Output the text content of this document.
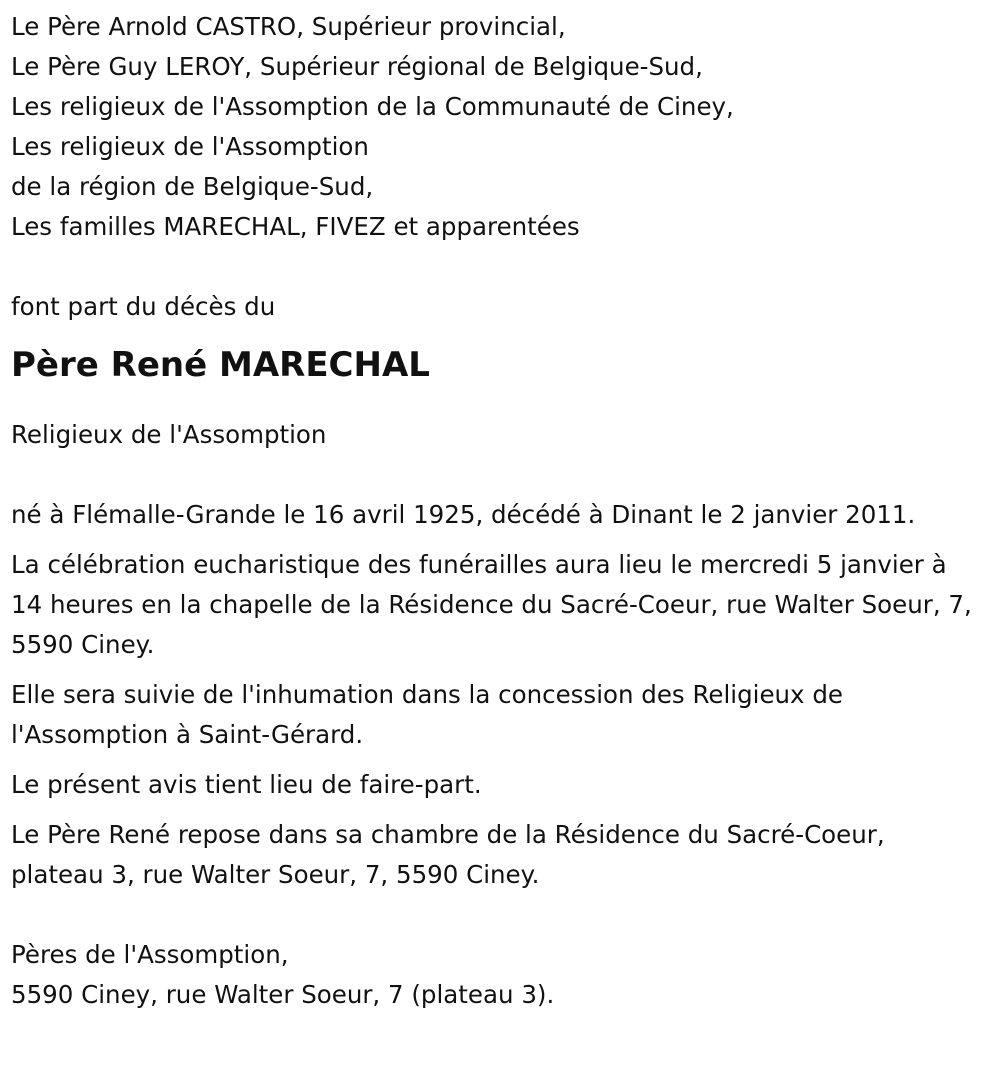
Le Père Arnold CASTRO, Supérieur provincial,

Le Père Guy LEROY, Supérieur régional de Belgique-Sud,

Les religieux de l'Assomption de la Communauté de Ciney,

Les religieux de l'Assomption

de la région de Belgique-Sud,

Les familles MARECHAL, FIVEZ et apparentées

font part du décès du

Père René MARECHAL

Religieux de l'Assomption

né à Flémalle-Grande le 16 avril 1925, décédé à Dinant le 2 janvier 2011.

La célébration eucharistique des funérailles aura lieu le mercredi 5 janvier à 14 heures en la chapelle de la Résidence du Sacré-Coeur, rue Walter Soeur, 7, 5590 Ciney.

Elle sera suivie de l'inhumation dans la concession des Religieux de l'Assomption à Saint-Gérard.

Le présent avis tient lieu de faire-part.

Le Père René repose dans sa chambre de la Résidence du Sacré-Coeur, plateau 3, rue Walter Soeur, 7, 5590 Ciney.

Pères de l'Assomption,

5590 Ciney, rue Walter Soeur, 7 (plateau 3).
